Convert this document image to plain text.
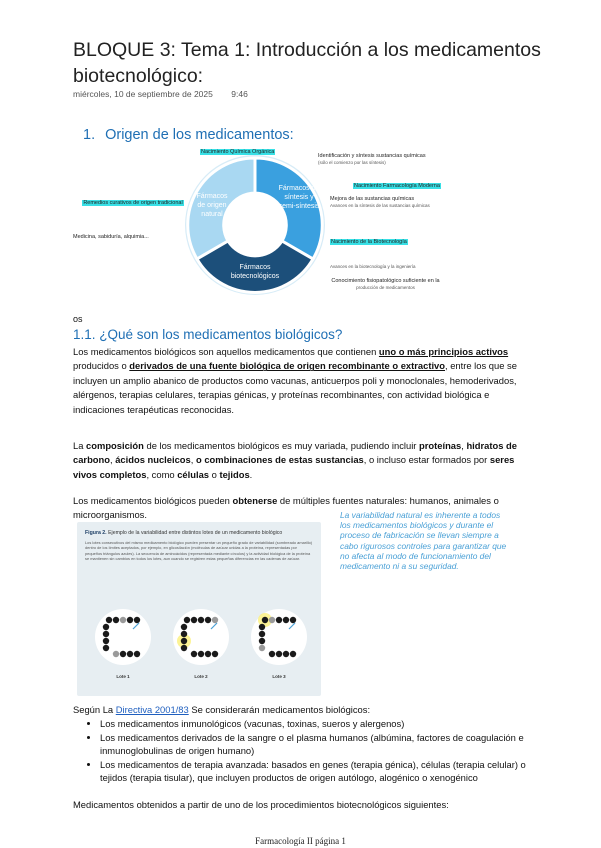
BLOQUE 3: Tema 1: Introducción a los medicamentos biotecnológico:
miércoles, 10 de septiembre de 2025 9:46
1. Origen de los medicamentos:
Fármacos de síntesis y semi-síntesis
Fármacos de origen natural
Fármacos biotecnológicos
Nacimiento Química Orgánica
Identificación y síntesis sustancias químicas
(sólo el comienzo por las síntesis)
Nacimiento Farmacología Moderna
Mejora de las sustancias químicas
Avances en la síntesis de las sustancias químicas
Nacimiento de la Biotecnología
Avances en la biotecnología y la ingeniería
Conocimiento fisiopatológico suficiente en la
producción de medicamentos
Remedios curativos de origen tradicional
Medicina, sabiduría, alquimia...
os
1.1. ¿Qué son los medicamentos biológicos?
Los medicamentos biológicos son aquellos medicamentos que contienen uno o más principios activos producidos o derivados de una fuente biológica de origen recombinante o extractivo, entre los que se incluyen un amplio abanico de productos como vacunas, anticuerpos poli y monoclonales, hemoderivados, alérgenos, terapias celulares, terapias génicas, y proteínas recombinantes, con actividad biológica e indicaciones terapéuticas reconocidas.
La composición de los medicamentos biológicos es muy variada, pudiendo incluir proteínas, hidratos de carbono, ácidos nucleicos, o combinaciones de estas sustancias, o incluso estar formados por seres vivos completos, como células o tejidos.
Los medicamentos biológicos pueden obtenerse de múltiples fuentes naturales: humanos, animales o microorganismos.
Figura 2. Ejemplo de la variabilidad entre distintos lotes de un medicamento biológico
Los lotes consecutivos del mismo medicamento biológico pueden presentar un pequeño grado de variabilidad (sombreado amarillo) dentro de los límites aceptados, por ejemplo, en glicosilación (moléculas de azúcar unidas a la proteína, representadas por pequeños triángulos azules). La secuencia de aminoácidos (representada mediante círculos) y la actividad biológica de la proteína se mantienen sin cambios en todos los lotes, aun cuando se registren estas pequeñas diferencias en las cadenas de azúcar.
Lote 1	Lote 2	Lote 3
La variabilidad natural es inherente a todos los medicamentos biológicos y durante el proceso de fabricación se llevan siempre a cabo rigurosos controles para garantizar que no afecta al modo de funcionamiento del medicamento ni a su seguridad.
Según La Directiva 2001/83 Se considerarán medicamentos biológicos:
• Los medicamentos inmunológicos (vacunas, toxinas, sueros y alergenos)
• Los medicamentos derivados de la sangre o el plasma humanos (albúmina, factores de coagulación e inmunoglobulinas de origen humano)
• Los medicamentos de terapia avanzada: basados en genes (terapia génica), células (terapia celular) o tejidos (terapia tisular), que incluyen productos de origen autólogo, alogénico o xenogénico
Medicamentos obtenidos a partir de uno de los procedimientos biotecnológicos siguientes:
Farmacología II página 1
